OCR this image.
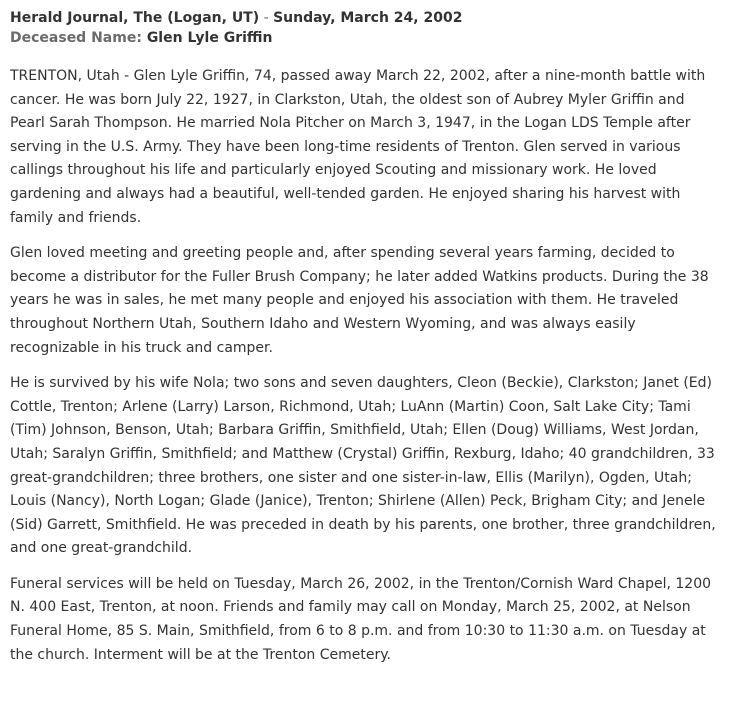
Herald Journal, The (Logan, UT) - Sunday, March 24, 2002

Deceased Name: Glen Lyle Griffin

TRENTON, Utah - Glen Lyle Griffin, 74, passed away March 22, 2002, after a nine-month battle with cancer. He was born July 22, 1927, in Clarkston, Utah, the oldest son of Aubrey Myler Griffin and Pearl Sarah Thompson. He married Nola Pitcher on March 3, 1947, in the Logan LDS Temple after serving in the U.S. Army. They have been long-time residents of Trenton. Glen served in various callings throughout his life and particularly enjoyed Scouting and missionary work. He loved gardening and always had a beautiful, well-tended garden. He enjoyed sharing his harvest with family and friends.

Glen loved meeting and greeting people and, after spending several years farming, decided to become a distributor for the Fuller Brush Company; he later added Watkins products. During the 38 years he was in sales, he met many people and enjoyed his association with them. He traveled throughout Northern Utah, Southern Idaho and Western Wyoming, and was always easily recognizable in his truck and camper.

He is survived by his wife Nola; two sons and seven daughters, Cleon (Beckie), Clarkston; Janet (Ed) Cottle, Trenton; Arlene (Larry) Larson, Richmond, Utah; LuAnn (Martin) Coon, Salt Lake City; Tami (Tim) Johnson, Benson, Utah; Barbara Griffin, Smithfield, Utah; Ellen (Doug) Williams, West Jordan, Utah; Saralyn Griffin, Smithfield; and Matthew (Crystal) Griffin, Rexburg, Idaho; 40 grandchildren, 33 great-grandchildren; three brothers, one sister and one sister-in-law, Ellis (Marilyn), Ogden, Utah; Louis (Nancy), North Logan; Glade (Janice), Trenton; Shirlene (Allen) Peck, Brigham City; and Jenele (Sid) Garrett, Smithfield. He was preceded in death by his parents, one brother, three grandchildren, and one great-grandchild.

Funeral services will be held on Tuesday, March 26, 2002, in the Trenton/Cornish Ward Chapel, 1200 N. 400 East, Trenton, at noon. Friends and family may call on Monday, March 25, 2002, at Nelson Funeral Home, 85 S. Main, Smithfield, from 6 to 8 p.m. and from 10:30 to 11:30 a.m. on Tuesday at the church. Interment will be at the Trenton Cemetery.
